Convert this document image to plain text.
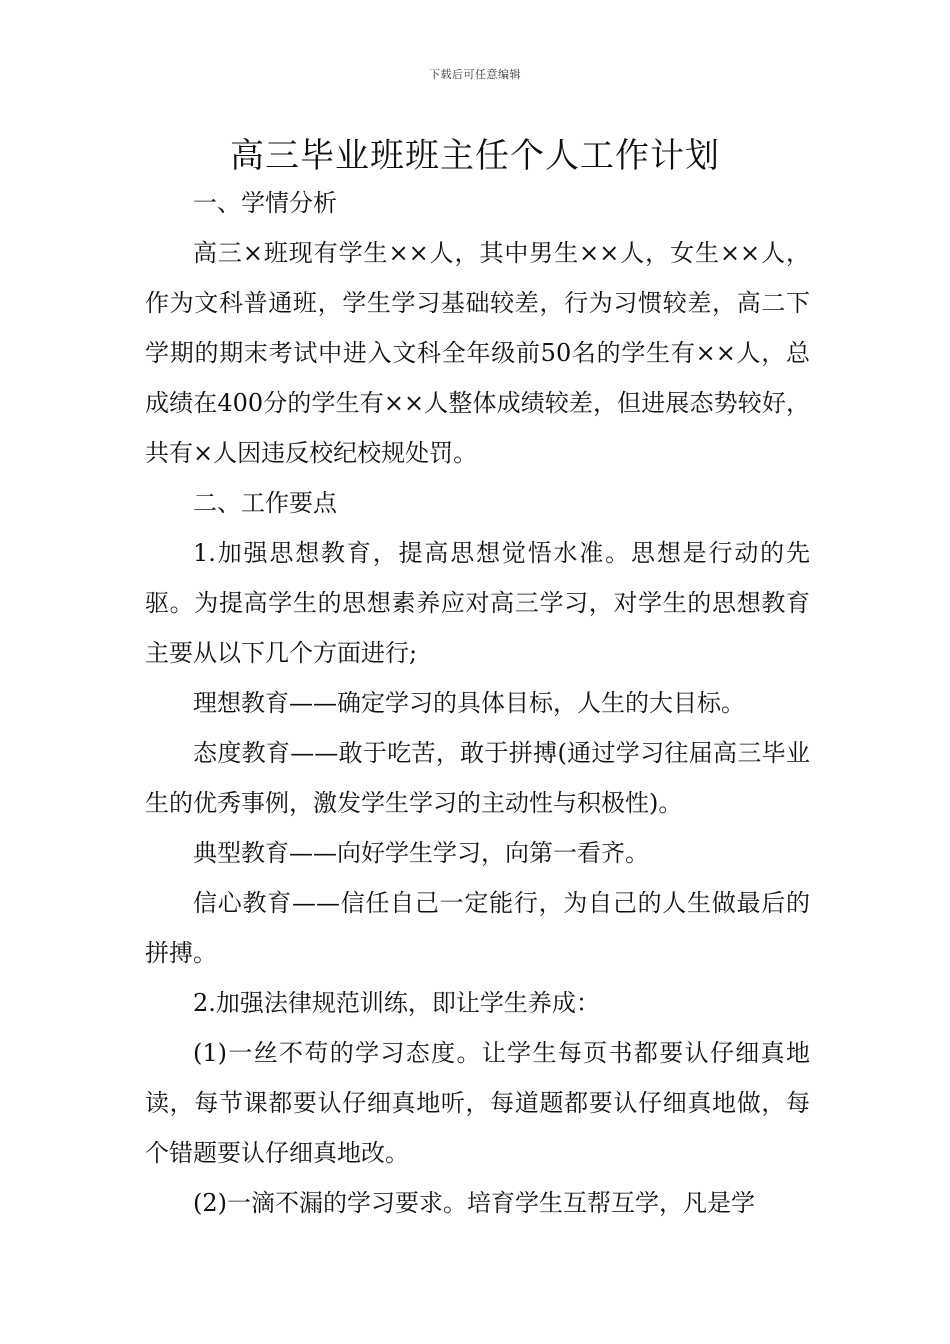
下载后可任意编辑
高三毕业班班主任个人工作计划

一、学情分析

高三×班现有学生××人，其中男生××人，女生××人，作为文科普通班，学生学习基础较差，行为习惯较差，高二下学期的期末考试中进入文科全年级前50名的学生有××人，总成绩在400分的学生有××人整体成绩较差，但进展态势较好，共有×人因违反校纪校规处罚。

二、工作要点

1.加强思想教育，提高思想觉悟水准。思想是行动的先驱。为提高学生的思想素养应对高三学习，对学生的思想教育主要从以下几个方面进行;

理想教育——确定学习的具体目标，人生的大目标。

态度教育——敢于吃苦，敢于拼搏(通过学习往届高三毕业生的优秀事例，激发学生学习的主动性与积极性)。

典型教育——向好学生学习，向第一看齐。

信心教育——信任自己一定能行，为自己的人生做最后的拼搏。

2.加强法律规范训练，即让学生养成：

(1)一丝不苟的学习态度。让学生每页书都要认仔细真地读，每节课都要认仔细真地听，每道题都要认仔细真地做，每个错题要认仔细真地改。

(2)一滴不漏的学习要求。培育学生互帮互学，凡是学
